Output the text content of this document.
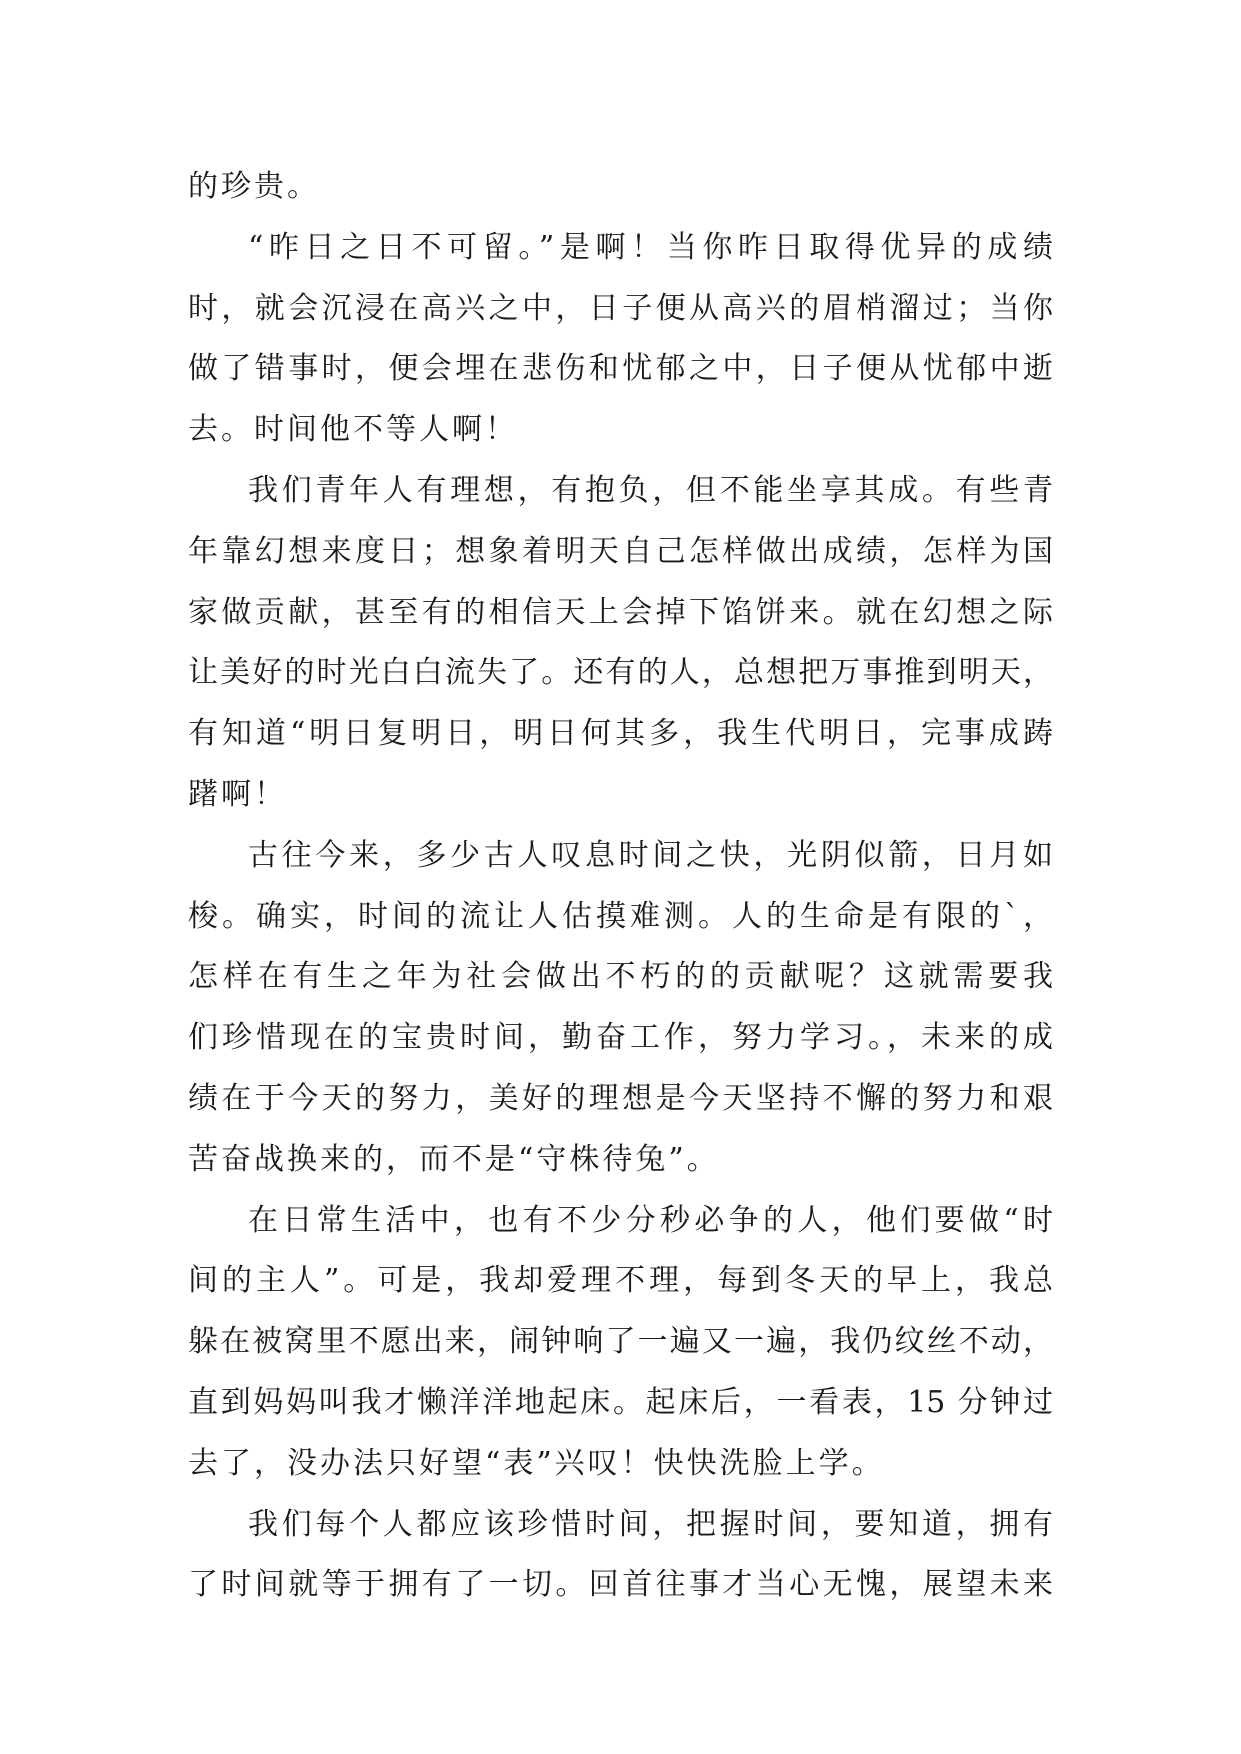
的珍贵。
“昨日之日不可留。”是啊！当你昨日取得优异的成绩
时，就会沉浸在高兴之中，日子便从高兴的眉梢溜过；当你
做了错事时，便会埋在悲伤和忧郁之中，日子便从忧郁中逝
去。时间他不等人啊！
我们青年人有理想，有抱负，但不能坐享其成。有些青
年靠幻想来度日；想象着明天自己怎样做出成绩，怎样为国
家做贡献，甚至有的相信天上会掉下馅饼来。就在幻想之际
让美好的时光白白流失了。还有的人，总想把万事推到明天，
有知道“明日复明日，明日何其多，我生代明日，完事成踌
躇啊！
古往今来，多少古人叹息时间之快，光阴似箭，日月如
梭。确实，时间的流让人估摸难测。人的生命是有限的`，
怎样在有生之年为社会做出不朽的的贡献呢？这就需要我
们珍惜现在的宝贵时间，勤奋工作，努力学习。，未来的成
绩在于今天的努力，美好的理想是今天坚持不懈的努力和艰
苦奋战换来的，而不是“守株待兔”。
在日常生活中，也有不少分秒必争的人，他们要做“时
间的主人”。可是，我却爱理不理，每到冬天的早上，我总
躲在被窝里不愿出来，闹钟响了一遍又一遍，我仍纹丝不动，
直到妈妈叫我才懒洋洋地起床。起床后，一看表，15 分钟过
去了，没办法只好望“表”兴叹！快快洗脸上学。
我们每个人都应该珍惜时间，把握时间，要知道，拥有
了时间就等于拥有了一切。回首往事才当心无愧，展望未来
